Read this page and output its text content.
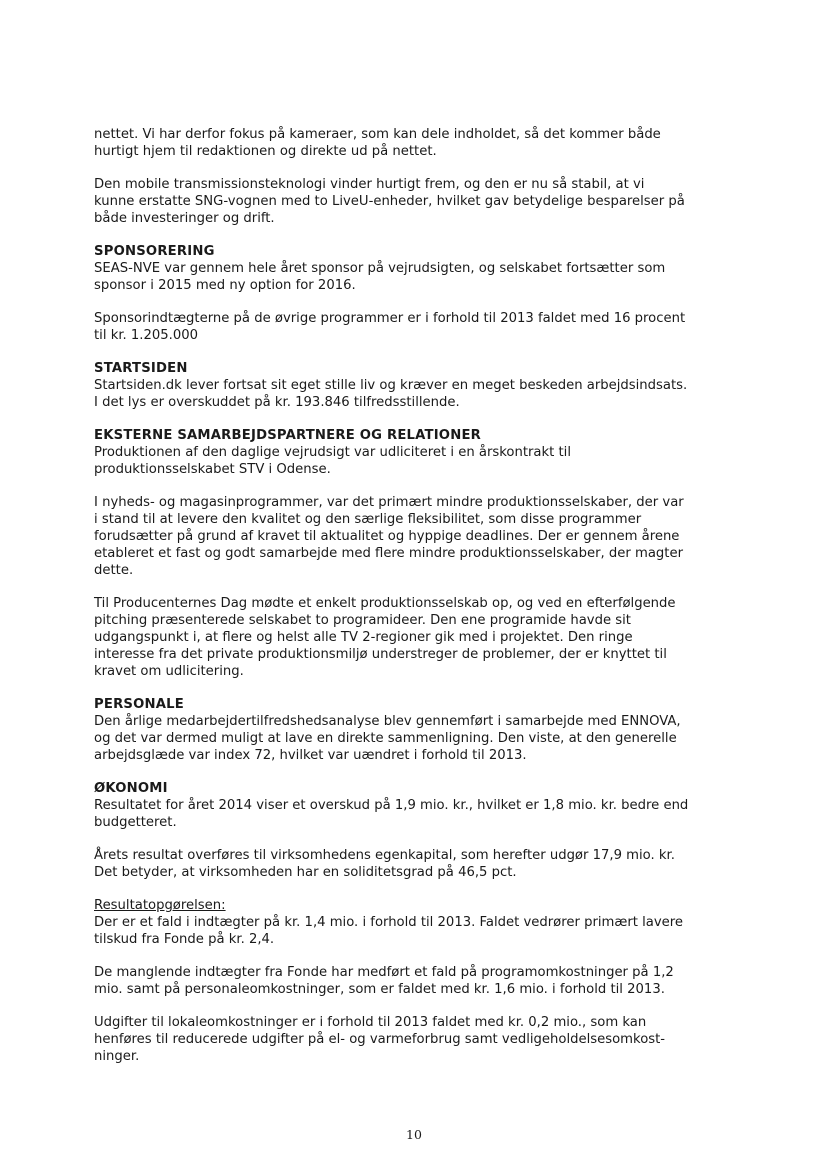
nettet. Vi har derfor fokus på kameraer, som kan dele indholdet, så det kommer både
hurtigt hjem til redaktionen og direkte ud på nettet.

Den mobile transmissionsteknologi vinder hurtigt frem, og den er nu så stabil, at vi
kunne erstatte SNG-vognen med to LiveU-enheder, hvilket gav betydelige besparelser på
både investeringer og drift.

SPONSORERING

SEAS-NVE var gennem hele året sponsor på vejrudsigten, og selskabet fortsætter som
sponsor i 2015 med ny option for 2016.

Sponsorindtægterne på de øvrige programmer er i forhold til 2013 faldet med 16 procent
til kr. 1.205.000

STARTSIDEN

Startsiden.dk lever fortsat sit eget stille liv og kræver en meget beskeden arbejdsindsats.
I det lys er overskuddet på kr. 193.846 tilfredsstillende.

EKSTERNE SAMARBEJDSPARTNERE OG RELATIONER

Produktionen af den daglige vejrudsigt var udliciteret i en årskontrakt til
produktionsselskabet STV i Odense.

I nyheds- og magasinprogrammer, var det primært mindre produktionsselskaber, der var
i stand til at levere den kvalitet og den særlige fleksibilitet, som disse programmer
forudsætter på grund af kravet til aktualitet og hyppige deadlines. Der er gennem årene
etableret et fast og godt samarbejde med flere mindre produktionsselskaber, der magter
dette.

Til Producenternes Dag mødte et enkelt produktionsselskab op, og ved en efterfølgende
pitching præsenterede selskabet to programideer. Den ene programide havde sit
udgangspunkt i, at flere og helst alle TV 2-regioner gik med i projektet. Den ringe
interesse fra det private produktionsmiljø understreger de problemer, der er knyttet til
kravet om udlicitering.

PERSONALE

Den årlige medarbejdertilfredshedsanalyse blev gennemført i samarbejde med ENNOVA,
og det var dermed muligt at lave en direkte sammenligning. Den viste, at den generelle
arbejdsglæde var index 72, hvilket var uændret i forhold til 2013.

ØKONOMI

Resultatet for året 2014 viser et overskud på 1,9 mio. kr., hvilket er 1,8 mio. kr. bedre end
budgetteret.

Årets resultat overføres til virksomhedens egenkapital, som herefter udgør 17,9 mio. kr.
Det betyder, at virksomheden har en soliditetsgrad på 46,5 pct.

Resultatopgørelsen:

Der er et fald i indtægter på kr. 1,4 mio. i forhold til 2013. Faldet vedrører primært lavere
tilskud fra Fonde på kr. 2,4.

De manglende indtægter fra Fonde har medført et fald på programomkostninger på 1,2
mio. samt på personaleomkostninger, som er faldet med kr. 1,6 mio. i forhold til 2013.

Udgifter til lokaleomkostninger er i forhold til 2013 faldet med kr. 0,2 mio., som kan
henføres til reducerede udgifter på el- og varmeforbrug samt vedligeholdelsesomkost-
ninger.

10
